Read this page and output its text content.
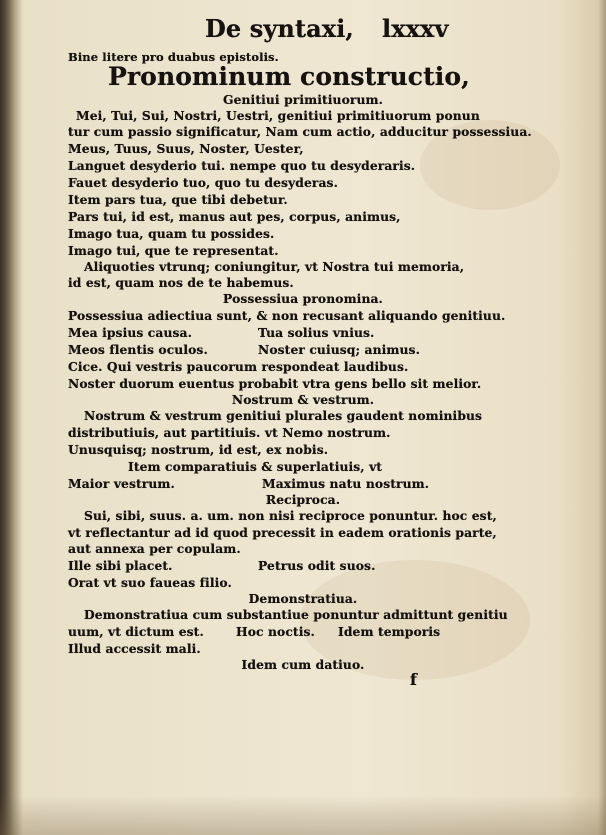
De syntaxi, lxxxv
Bine litere pro duabus epistolis.
Pronominum constructio,
Genitiui primitiuorum.
Mei, Tui, Sui, Nostri, Uestri, genitiui primitiuorum ponun
tur cum passio significatur, Nam cum actio, adducitur possessiua.
Meus, Tuus, Suus, Noster, Uester,
Languet desyderio tui. nempe quo tu desyderaris.
Fauet desyderio tuo, quo tu desyderas.
Item pars tua, que tibi debetur.
Pars tui, id est, manus aut pes, corpus, animus,
Imago tua, quam tu possides.
Imago tui, que te representat.
Aliquoties vtrunq; coniungitur, vt Nostra tui memoria,
id est, quam nos de te habemus.
Possessiua pronomina.
Possessiua adiectiua sunt, & non recusant aliquando genitiuu.
Mea ipsius causa.	Tua solius vnius.
Meos flentis oculos.	Noster cuiusq; animus.
Cice. Qui vestris paucorum respondeat laudibus.
Noster duorum euentus probabit vtra gens bello sit melior.
Nostrum & vestrum.
Nostrum & vestrum genitiui plurales gaudent nominibus
distributiuis, aut partitiuis. vt Nemo nostrum.
Unusquisq; nostrum, id est, ex nobis.
Item comparatiuis & superlatiuis, vt
Maior vestrum.	Maximus natu nostrum.
Reciproca.
Sui, sibi, suus. a. um. non nisi reciproce ponuntur. hoc est,
vt reflectantur ad id quod precessit in eadem orationis parte,
aut annexa per copulam.
Ille sibi placet.	Petrus odit suos.
Orat vt suo faueas filio.
Demonstratiua.
Demonstratiua cum substantiue ponuntur admittunt genitiu
uum, vt dictum est.	Hoc noctis. Idem temporis
Illud accessit mali.
Idem cum datiuo.
f
